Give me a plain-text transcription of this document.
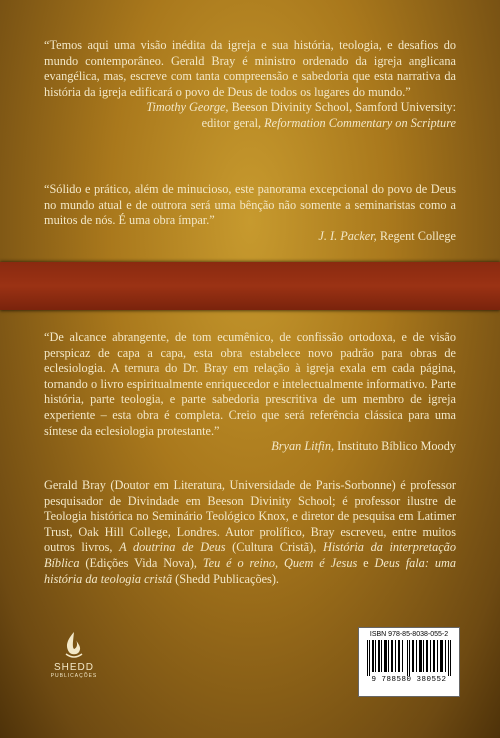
“Temos aqui uma visão inédita da igreja e sua história, teologia, e desafios do mundo contemporâneo. Gerald Bray é ministro ordenado da igreja anglicana evangélica, mas, escreve com tanta compreensão e sabedoria que esta narrativa da história da igreja edificará o povo de Deus de todos os lugares do mundo.”
Timothy George, Beeson Divinity School, Samford University:
editor geral, Reformation Commentary on Scripture
“Sólido e prático, além de minucioso, este panorama excepcional do povo de Deus no mundo atual e de outrora será uma bênção não somente a seminaristas como a muitos de nós. É uma obra ímpar.”
J. I. Packer, Regent College
“De alcance abrangente, de tom ecumênico, de confissão ortodoxa, e de visão perspicaz de capa a capa, esta obra estabelece novo padrão para obras de eclesiologia. A ternura do Dr. Bray em relação à igreja exala em cada página, tornando o livro espiritualmente enriquecedor e intelectualmente informativo. Parte história, parte teologia, e parte sabedoria prescritiva de um membro de igreja experiente – esta obra é completa. Creio que será referência clássica para uma síntese da eclesiologia protestante.”
Bryan Litfin, Instituto Bíblico Moody
Gerald Bray (Doutor em Literatura, Universidade de Paris-Sorbonne) é professor pesquisador de Divindade em Beeson Divinity School; é professor ilustre de Teologia histórica no Seminário Teológico Knox, e diretor de pesquisa em Latimer Trust, Oak Hill College, Londres. Autor prolífico, Bray escreveu, entre muitos outros livros, A doutrina de Deus (Cultura Cristã), História da interpretação Bíblica (Edições Vida Nova), Teu é o reino, Quem é Jesus e Deus fala: uma história da teologia cristã (Shedd Publicações).
SHEDD
PUBLICAÇÕES
ISBN 978-85-8038-055-2
9 788580 380552
